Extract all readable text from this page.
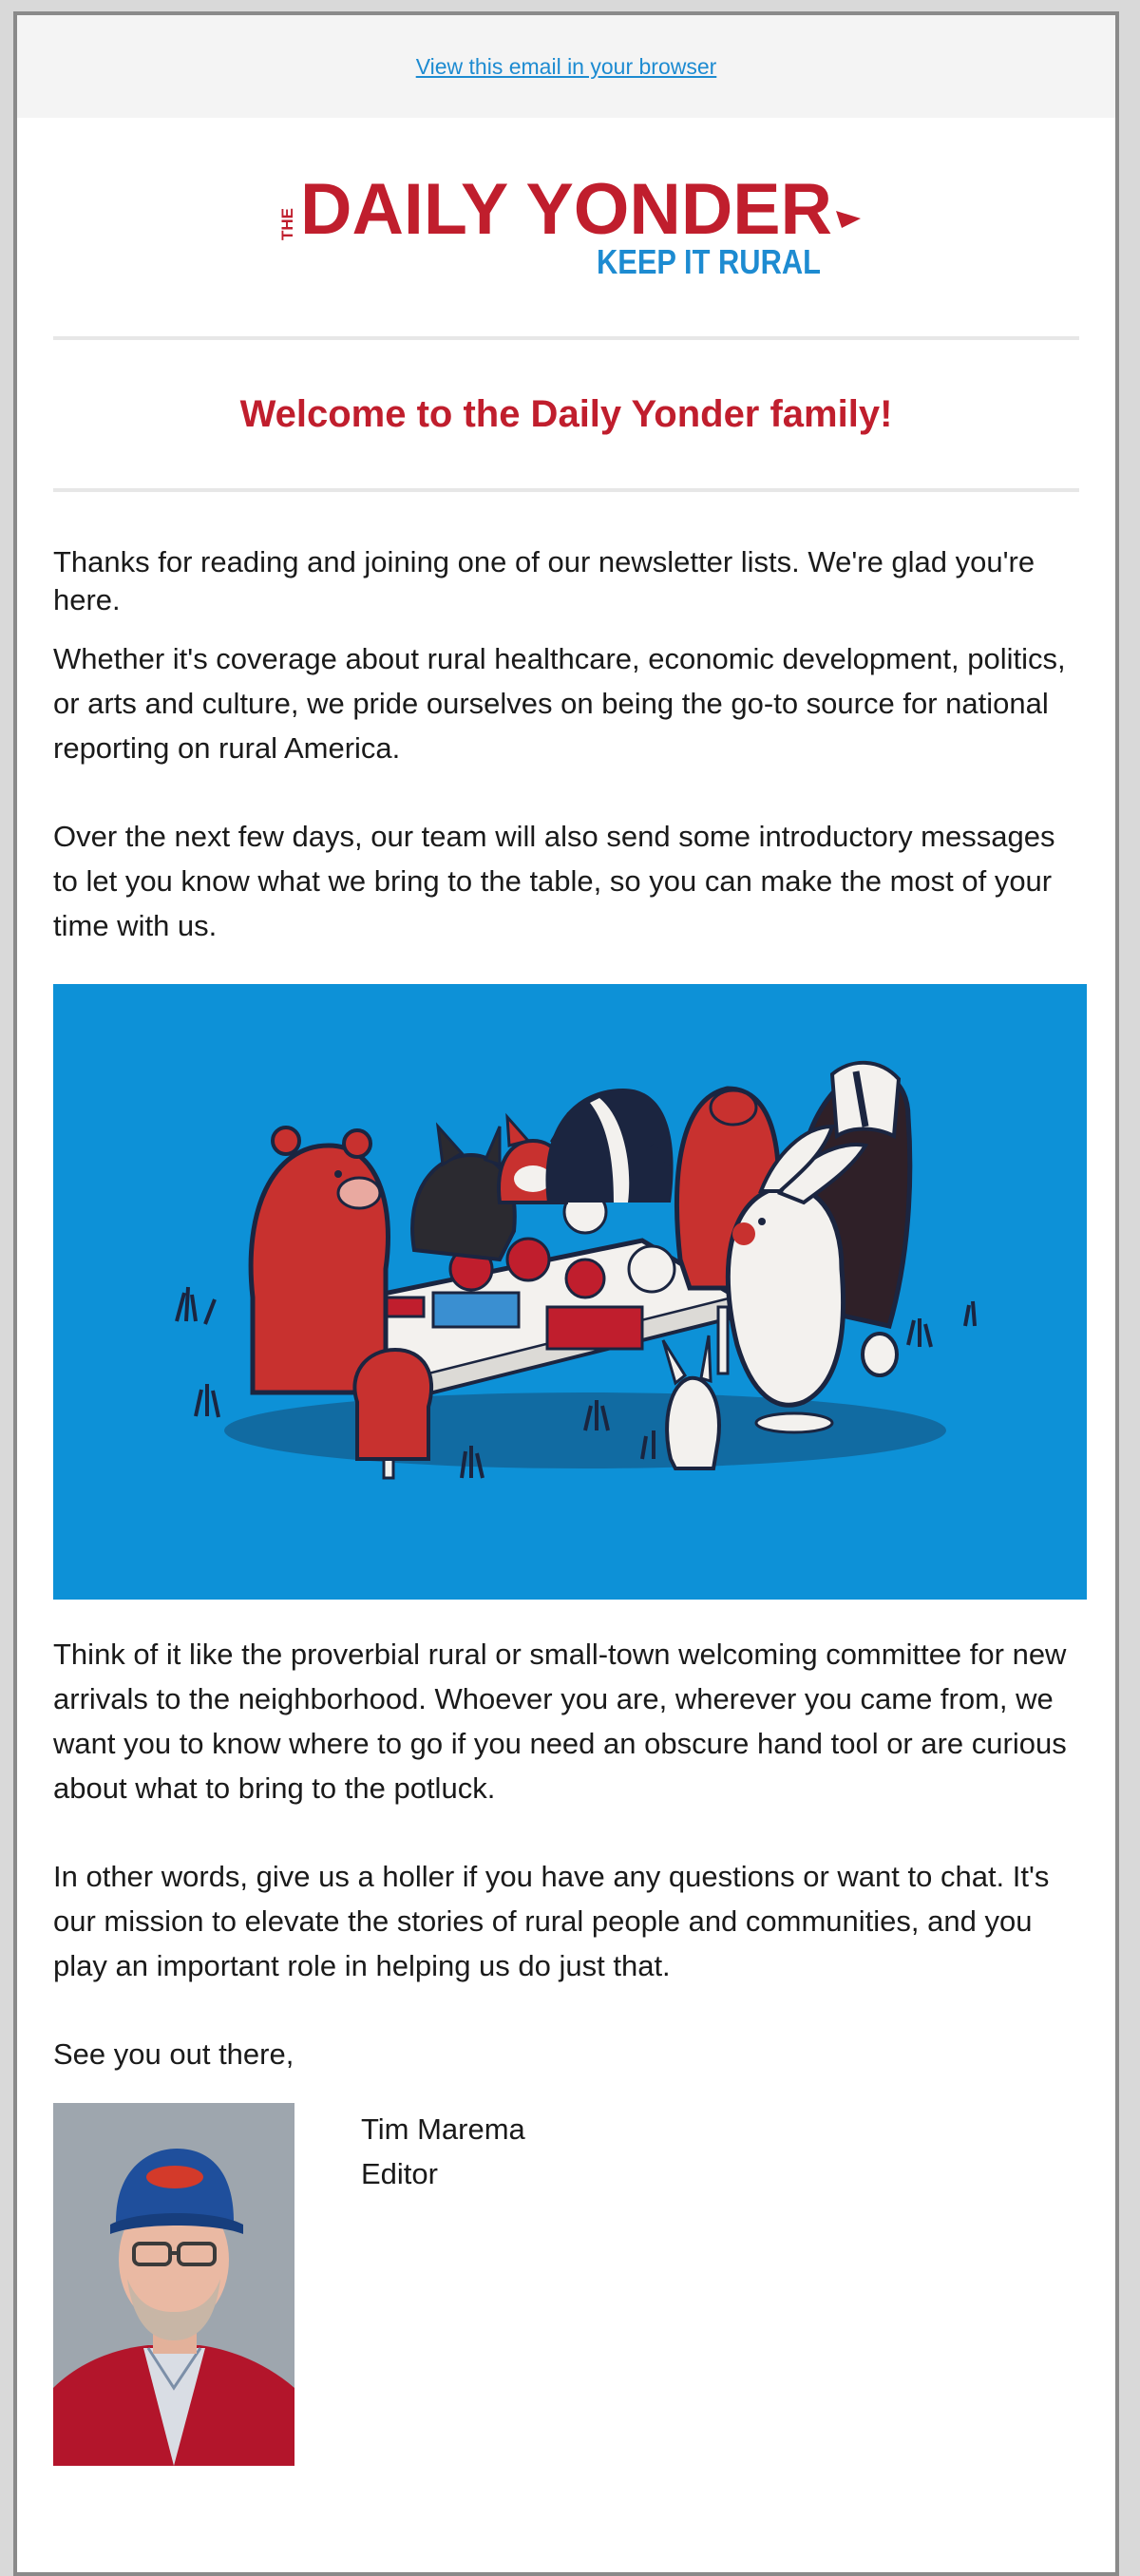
View this email in your browser
THE DAILY YONDER
KEEP IT RURAL
Welcome to the Daily Yonder family!

Thanks for reading and joining one of our newsletter lists. We're glad you're here.

Whether it's coverage about rural healthcare, economic development, politics, or arts and culture, we pride ourselves on being the go-to source for national reporting on rural America.

Over the next few days, our team will also send some introductory messages to let you know what we bring to the table, so you can make the most of your time with us.

Think of it like the proverbial rural or small-town welcoming committee for new arrivals to the neighborhood. Whoever you are, wherever you came from, we want you to know where to go if you need an obscure hand tool or are curious about what to bring to the potluck.

In other words, give us a holler if you have any questions or want to chat. It's our mission to elevate the stories of rural people and communities, and you play an important role in helping us do just that.

See you out there,

Tim Marema
Editor
